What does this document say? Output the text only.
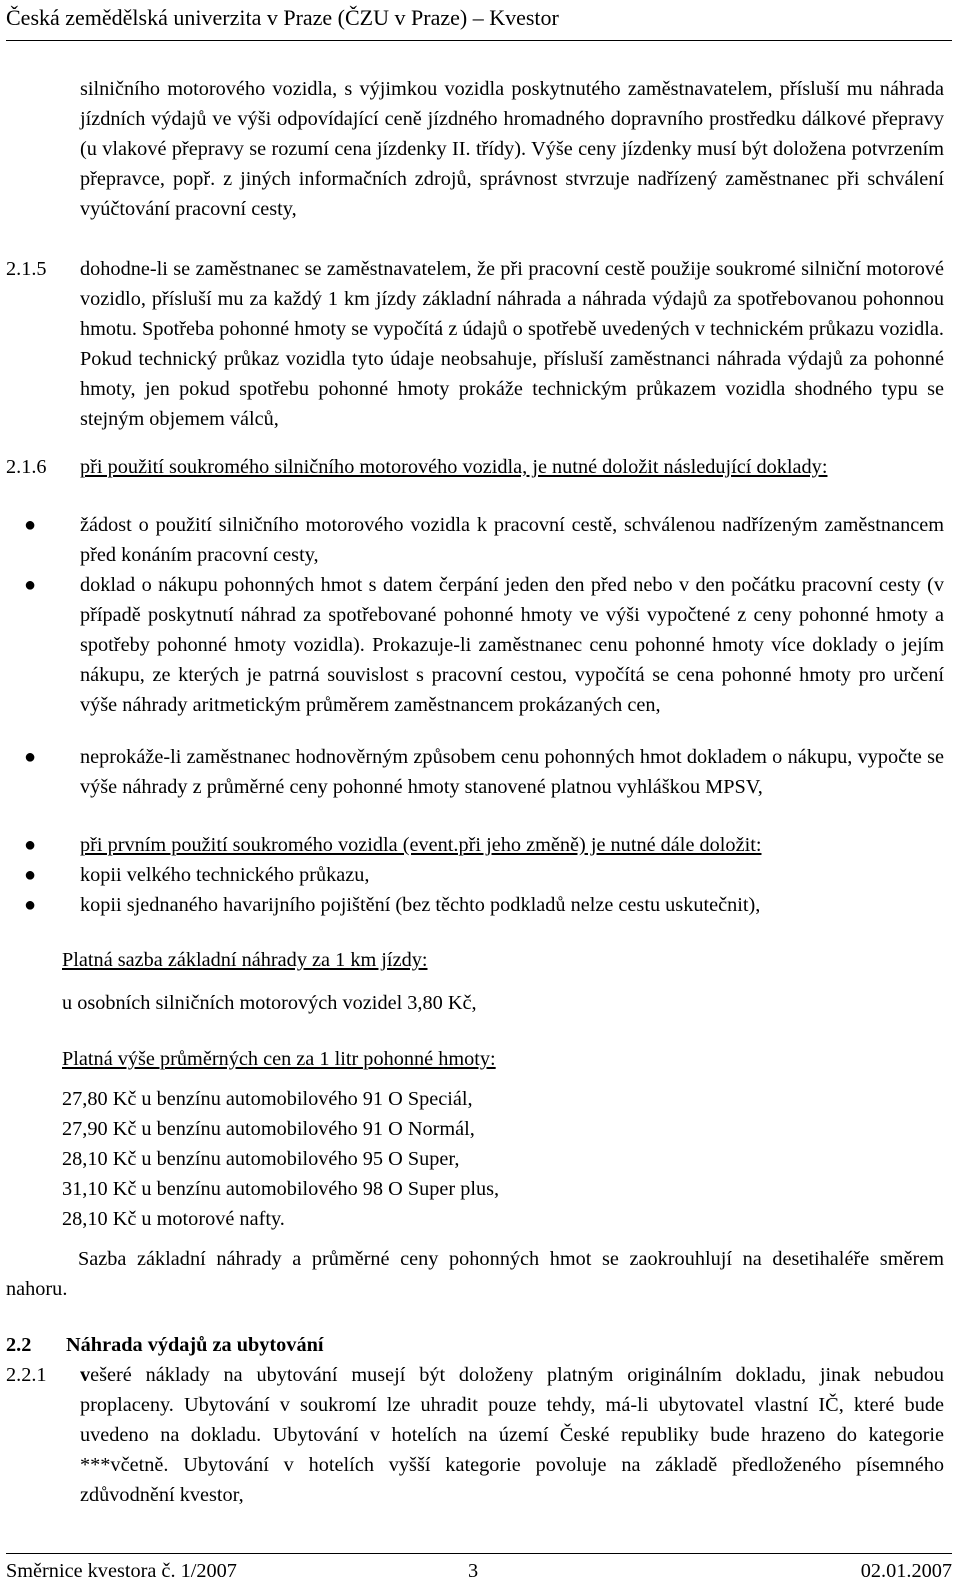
Česká zemědělská univerzita v Praze (ČZU v Praze) – Kvestor
silničního motorového vozidla, s výjimkou vozidla poskytnutého zaměstnavatelem, přísluší mu náhrada jízdních výdajů ve výši odpovídající ceně jízdného hromadného dopravního prostředku dálkové přepravy (u vlakové přepravy se rozumí cena jízdenky II. třídy). Výše ceny jízdenky musí být doložena potvrzením přepravce, popř. z jiných informačních zdrojů, správnost stvrzuje nadřízený zaměstnanec při schválení vyúčtování pracovní cesty,
2.1.5 dohodne-li se zaměstnanec se zaměstnavatelem, že při pracovní cestě použije soukromé silniční motorové vozidlo, přísluší mu za každý 1 km jízdy základní náhrada a náhrada výdajů za spotřebovanou pohonnou hmotu. Spotřeba pohonné hmoty se vypočítá z údajů o spotřebě uvedených v technickém průkazu vozidla. Pokud technický průkaz vozidla tyto údaje neobsahuje, přísluší zaměstnanci náhrada výdajů za pohonné hmoty, jen pokud spotřebu pohonné hmoty prokáže technickým průkazem vozidla shodného typu se stejným objemem válců,
2.1.6 při použití soukromého silničního motorového vozidla, je nutné doložit následující doklady:
● žádost o použití silničního motorového vozidla k pracovní cestě, schválenou nadřízeným zaměstnancem před konáním pracovní cesty,
● doklad o nákupu pohonných hmot s datem čerpání jeden den před nebo v den počátku pracovní cesty (v případě poskytnutí náhrad za spotřebované pohonné hmoty ve výši vypočtené z ceny pohonné hmoty a spotřeby pohonné hmoty vozidla). Prokazuje-li zaměstnanec cenu pohonné hmoty více doklady o jejím nákupu, ze kterých je patrná souvislost s pracovní cestou, vypočítá se cena pohonné hmoty pro určení výše náhrady aritmetickým průměrem zaměstnancem prokázaných cen,
● neprokáže-li zaměstnanec hodnověrným způsobem cenu pohonných hmot dokladem o nákupu, vypočte se výše náhrady z průměrné ceny pohonné hmoty stanovené platnou vyhláškou MPSV,
● při prvním použití soukromého vozidla (event.při jeho změně) je nutné dále doložit:
● kopii velkého technického průkazu,
● kopii sjednaného havarijního pojištění (bez těchto podkladů nelze cestu uskutečnit),
Platná sazba základní náhrady za 1 km jízdy:
u osobních silničních motorových vozidel 3,80 Kč,
Platná výše průměrných cen za 1 litr pohonné hmoty:
27,80 Kč u benzínu automobilového 91 O Speciál,
27,90 Kč u benzínu automobilového 91 O Normál,
28,10 Kč u benzínu automobilového 95 O Super,
31,10 Kč u benzínu automobilového 98 O Super plus,
28,10 Kč u motorové nafty.
Sazba základní náhrady a průměrné ceny pohonných hmot se zaokrouhlují na desetihaléře směrem nahoru.
2.2 Náhrada výdajů za ubytování
2.2.1 vešeré náklady na ubytování musejí být doloženy platným originálním dokladu, jinak nebudou proplaceny. Ubytování v soukromí lze uhradit pouze tehdy, má-li ubytovatel vlastní IČ, které bude uvedeno na dokladu. Ubytování v hotelích na území České republiky bude hrazeno do kategorie ***včetně. Ubytování v hotelích vyšší kategorie povoluje na základě předloženého písemného zdůvodnění kvestor,
Směrnice kvestora č. 1/2007	3	02.01.2007
